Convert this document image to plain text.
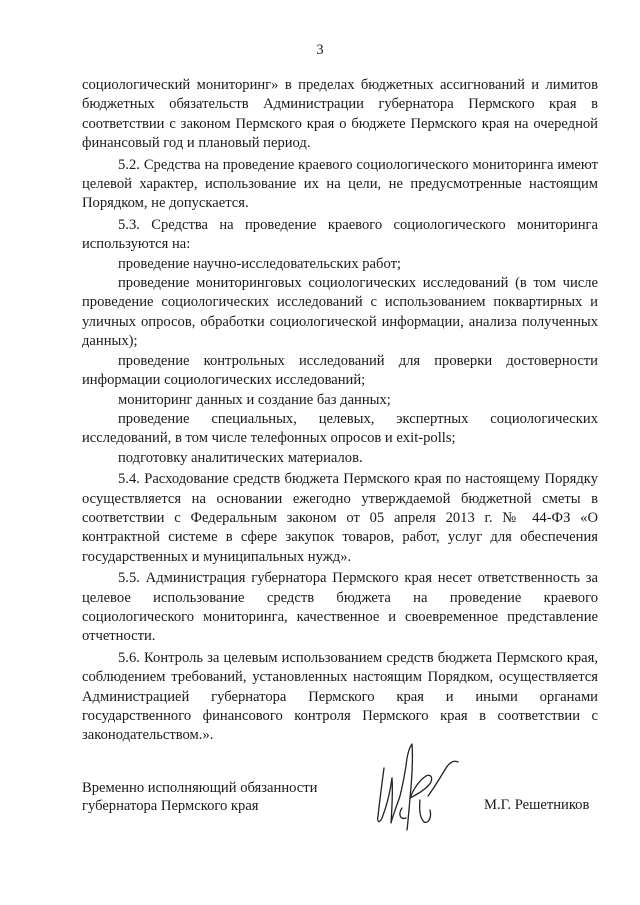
3

социологический мониторинг» в пределах бюджетных ассигнований и лимитов бюджетных обязательств Администрации губернатора Пермского края в соответствии с законом Пермского края о бюджете Пермского края на очередной финансовый год и плановый период.

5.2. Средства на проведение краевого социологического мониторинга имеют целевой характер, использование их на цели, не предусмотренные настоящим Порядком, не допускается.

5.3. Средства на проведение краевого социологического мониторинга используются на:

проведение научно-исследовательских работ;

проведение мониторинговых социологических исследований (в том числе проведение социологических исследований с использованием поквартирных и уличных опросов, обработки социологической информации, анализа полученных данных);

проведение контрольных исследований для проверки достоверности информации социологических исследований;

мониторинг данных и создание баз данных;

проведение специальных, целевых, экспертных социологических исследований, в том числе телефонных опросов и exit-polls;

подготовку аналитических материалов.

5.4. Расходование средств бюджета Пермского края по настоящему Порядку осуществляется на основании ежегодно утверждаемой бюджетной сметы в соответствии с Федеральным законом от 05 апреля 2013 г. № 44-ФЗ «О контрактной системе в сфере закупок товаров, работ, услуг для обеспечения государственных и муниципальных нужд».

5.5. Администрация губернатора Пермского края несет ответственность за целевое использование средств бюджета на проведение краевого социологического мониторинга, качественное и своевременное представление отчетности.

5.6. Контроль за целевым использованием средств бюджета Пермского края, соблюдением требований, установленных настоящим Порядком, осуществляется Администрацией губернатора Пермского края и иными органами государственного финансового контроля Пермского края в соответствии с законодательством.».

Временно исполняющий обязанности
губернатора Пермского края	М.Г. Решетников
